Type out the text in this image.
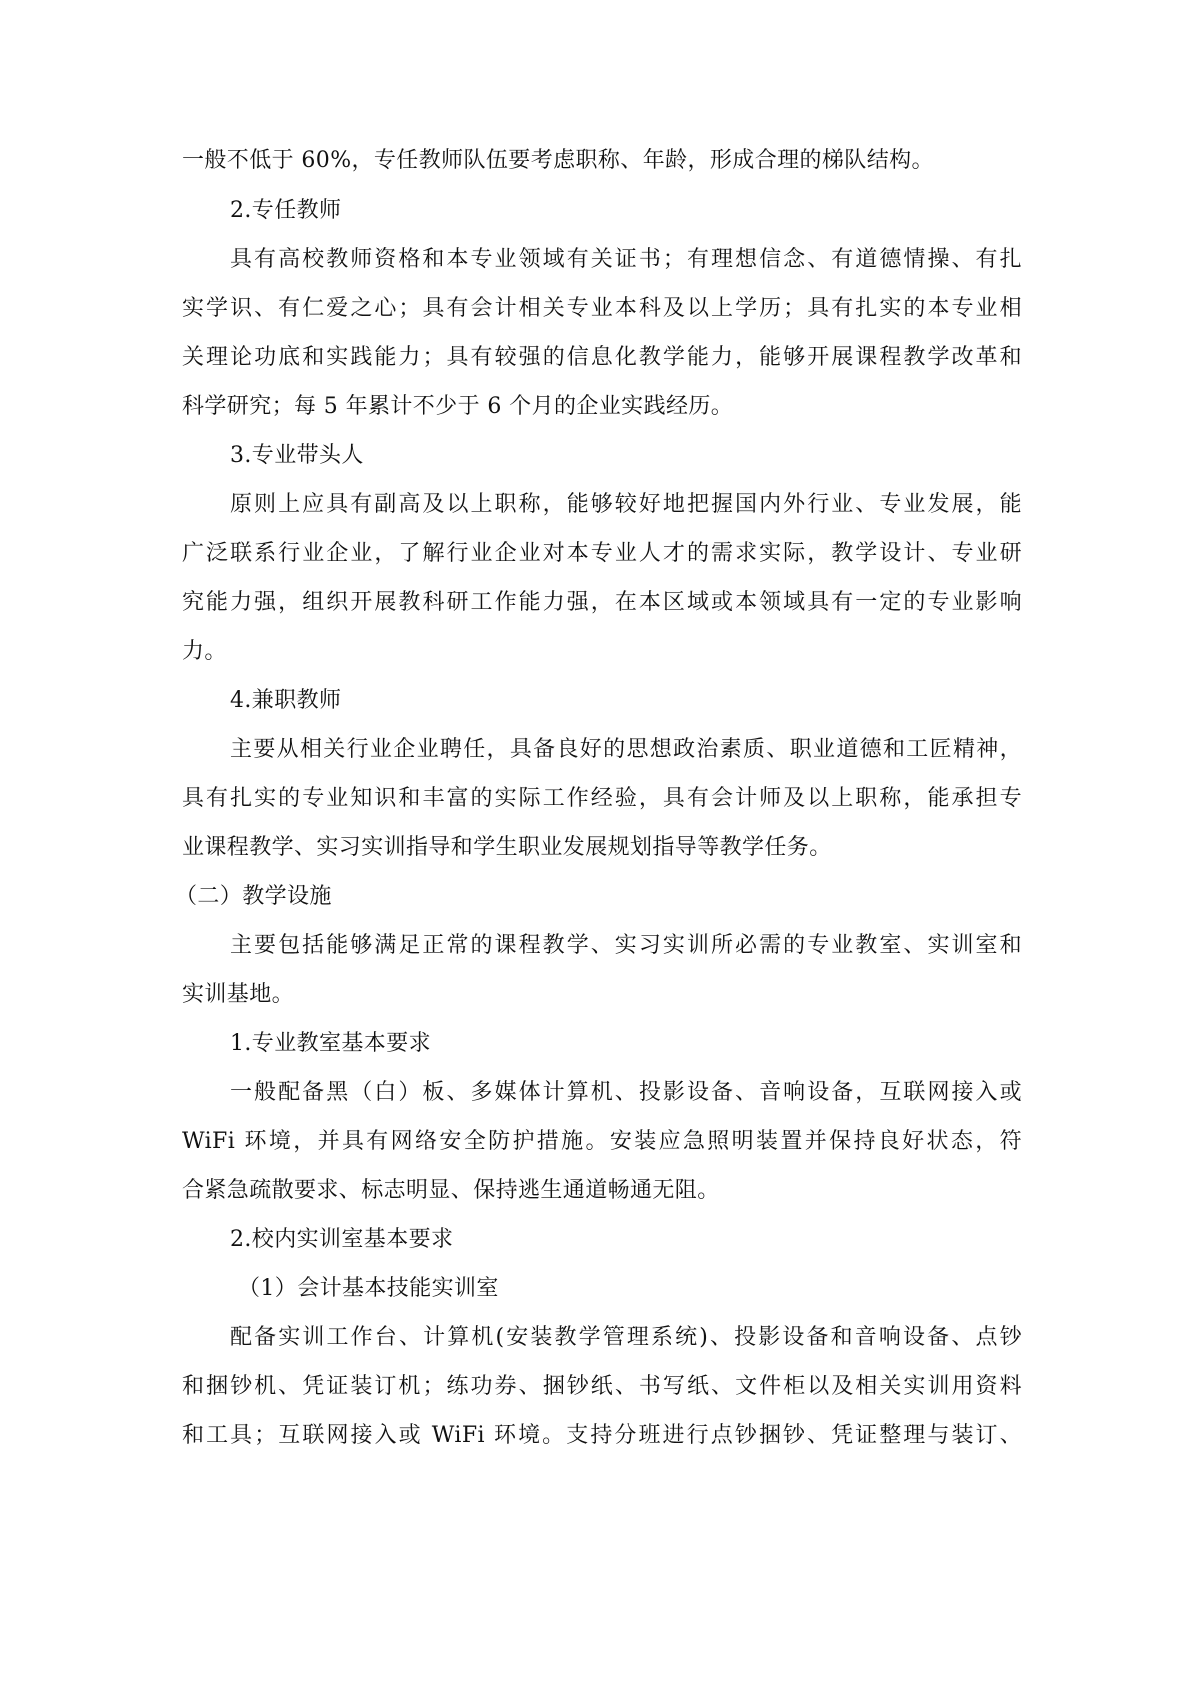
一般不低于 60%，专任教师队伍要考虑职称、年龄，形成合理的梯队结构。
2.专任教师
具有高校教师资格和本专业领域有关证书；有理想信念、有道德情操、有扎
实学识、有仁爱之心；具有会计相关专业本科及以上学历；具有扎实的本专业相
关理论功底和实践能力；具有较强的信息化教学能力，能够开展课程教学改革和
科学研究；每 5 年累计不少于 6 个月的企业实践经历。
3.专业带头人
原则上应具有副高及以上职称，能够较好地把握国内外行业、专业发展，能
广泛联系行业企业，了解行业企业对本专业人才的需求实际，教学设计、专业研
究能力强，组织开展教科研工作能力强，在本区域或本领域具有一定的专业影响
力。
4.兼职教师
主要从相关行业企业聘任，具备良好的思想政治素质、职业道德和工匠精神，
具有扎实的专业知识和丰富的实际工作经验，具有会计师及以上职称，能承担专
业课程教学、实习实训指导和学生职业发展规划指导等教学任务。
（二）教学设施
主要包括能够满足正常的课程教学、实习实训所必需的专业教室、实训室和
实训基地。
1.专业教室基本要求
一般配备黑（白）板、多媒体计算机、投影设备、音响设备，互联网接入或
WiFi 环境，并具有网络安全防护措施。安装应急照明装置并保持良好状态，符
合紧急疏散要求、标志明显、保持逃生通道畅通无阻。
2.校内实训室基本要求
（1）会计基本技能实训室
配备实训工作台、计算机(安装教学管理系统)、投影设备和音响设备、点钞
和捆钞机、凭证装订机；练功券、捆钞纸、书写纸、文件柜以及相关实训用资料
和工具；互联网接入或 WiFi 环境。支持分班进行点钞捆钞、凭证整理与装订、
